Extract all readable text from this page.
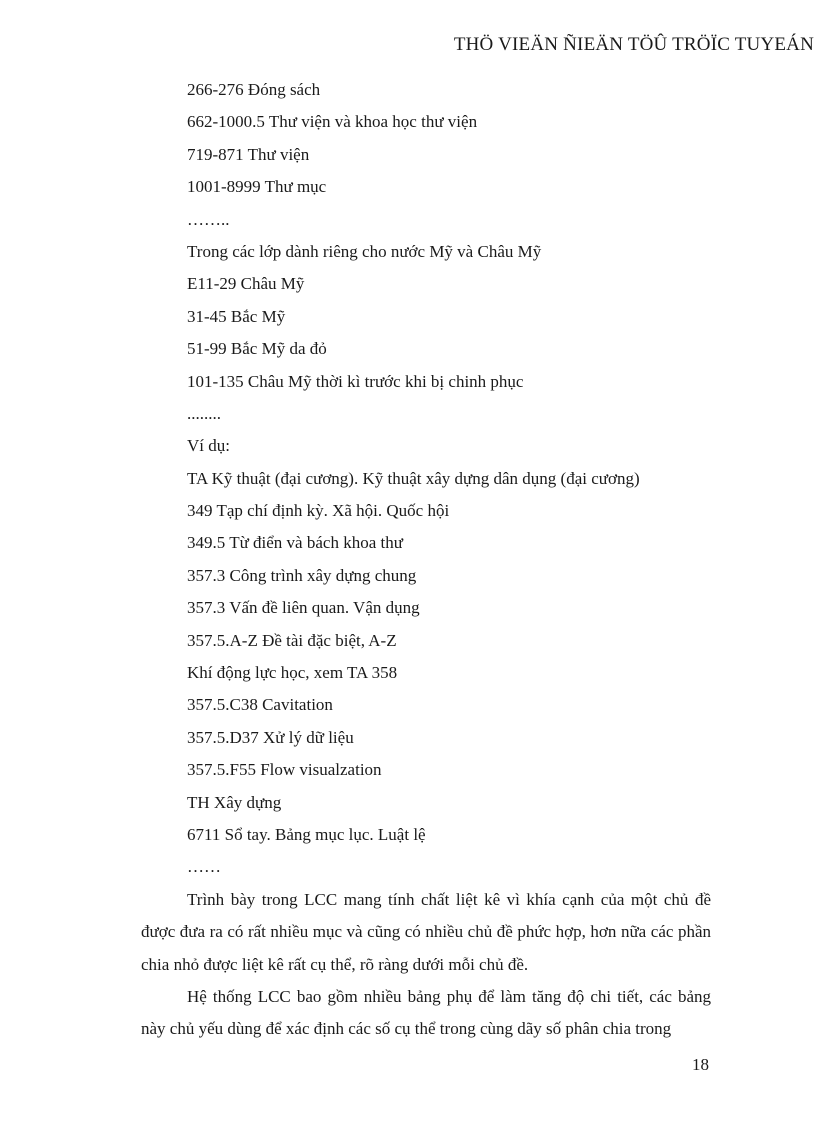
THÖ VIEÄN ÑIEÄN TÖÛ TRÖÏC TUYEÁN
266-276 Đóng sách
662-1000.5 Thư viện và khoa học thư viện
719-871 Thư viện
1001-8999 Thư mục
……..
Trong các lớp dành riêng cho nước Mỹ và Châu Mỹ
E11-29 Châu Mỹ
31-45 Bắc Mỹ
51-99 Bắc Mỹ da đỏ
101-135 Châu Mỹ thời kì trước khi bị chinh phục
........
Ví dụ:
TA Kỹ thuật (đại cương). Kỹ thuật xây dựng dân dụng (đại cương)
349 Tạp chí định kỳ. Xã hội. Quốc hội
349.5 Từ điển và bách khoa thư
357.3 Công trình xây dựng chung
357.3 Vấn đề liên quan. Vận dụng
357.5.A-Z Đề tài đặc biệt, A-Z
Khí động lực học, xem TA 358
357.5.C38 Cavitation
357.5.D37 Xử lý dữ liệu
357.5.F55 Flow visualzation
TH Xây dựng
6711 Sổ tay. Bảng mục lục. Luật lệ
……

Trình bày trong LCC mang tính chất liệt kê vì khía cạnh của một chủ đề được đưa ra có rất nhiều mục và cũng có nhiều chủ đề phức hợp, hơn nữa các phần chia nhỏ được liệt kê rất cụ thể, rõ ràng dưới mỗi chủ đề.

Hệ thống LCC bao gồm nhiều bảng phụ để làm tăng độ chi tiết, các bảng này chủ yếu dùng để xác định các số cụ thể trong cùng dãy số phân chia trong

18
